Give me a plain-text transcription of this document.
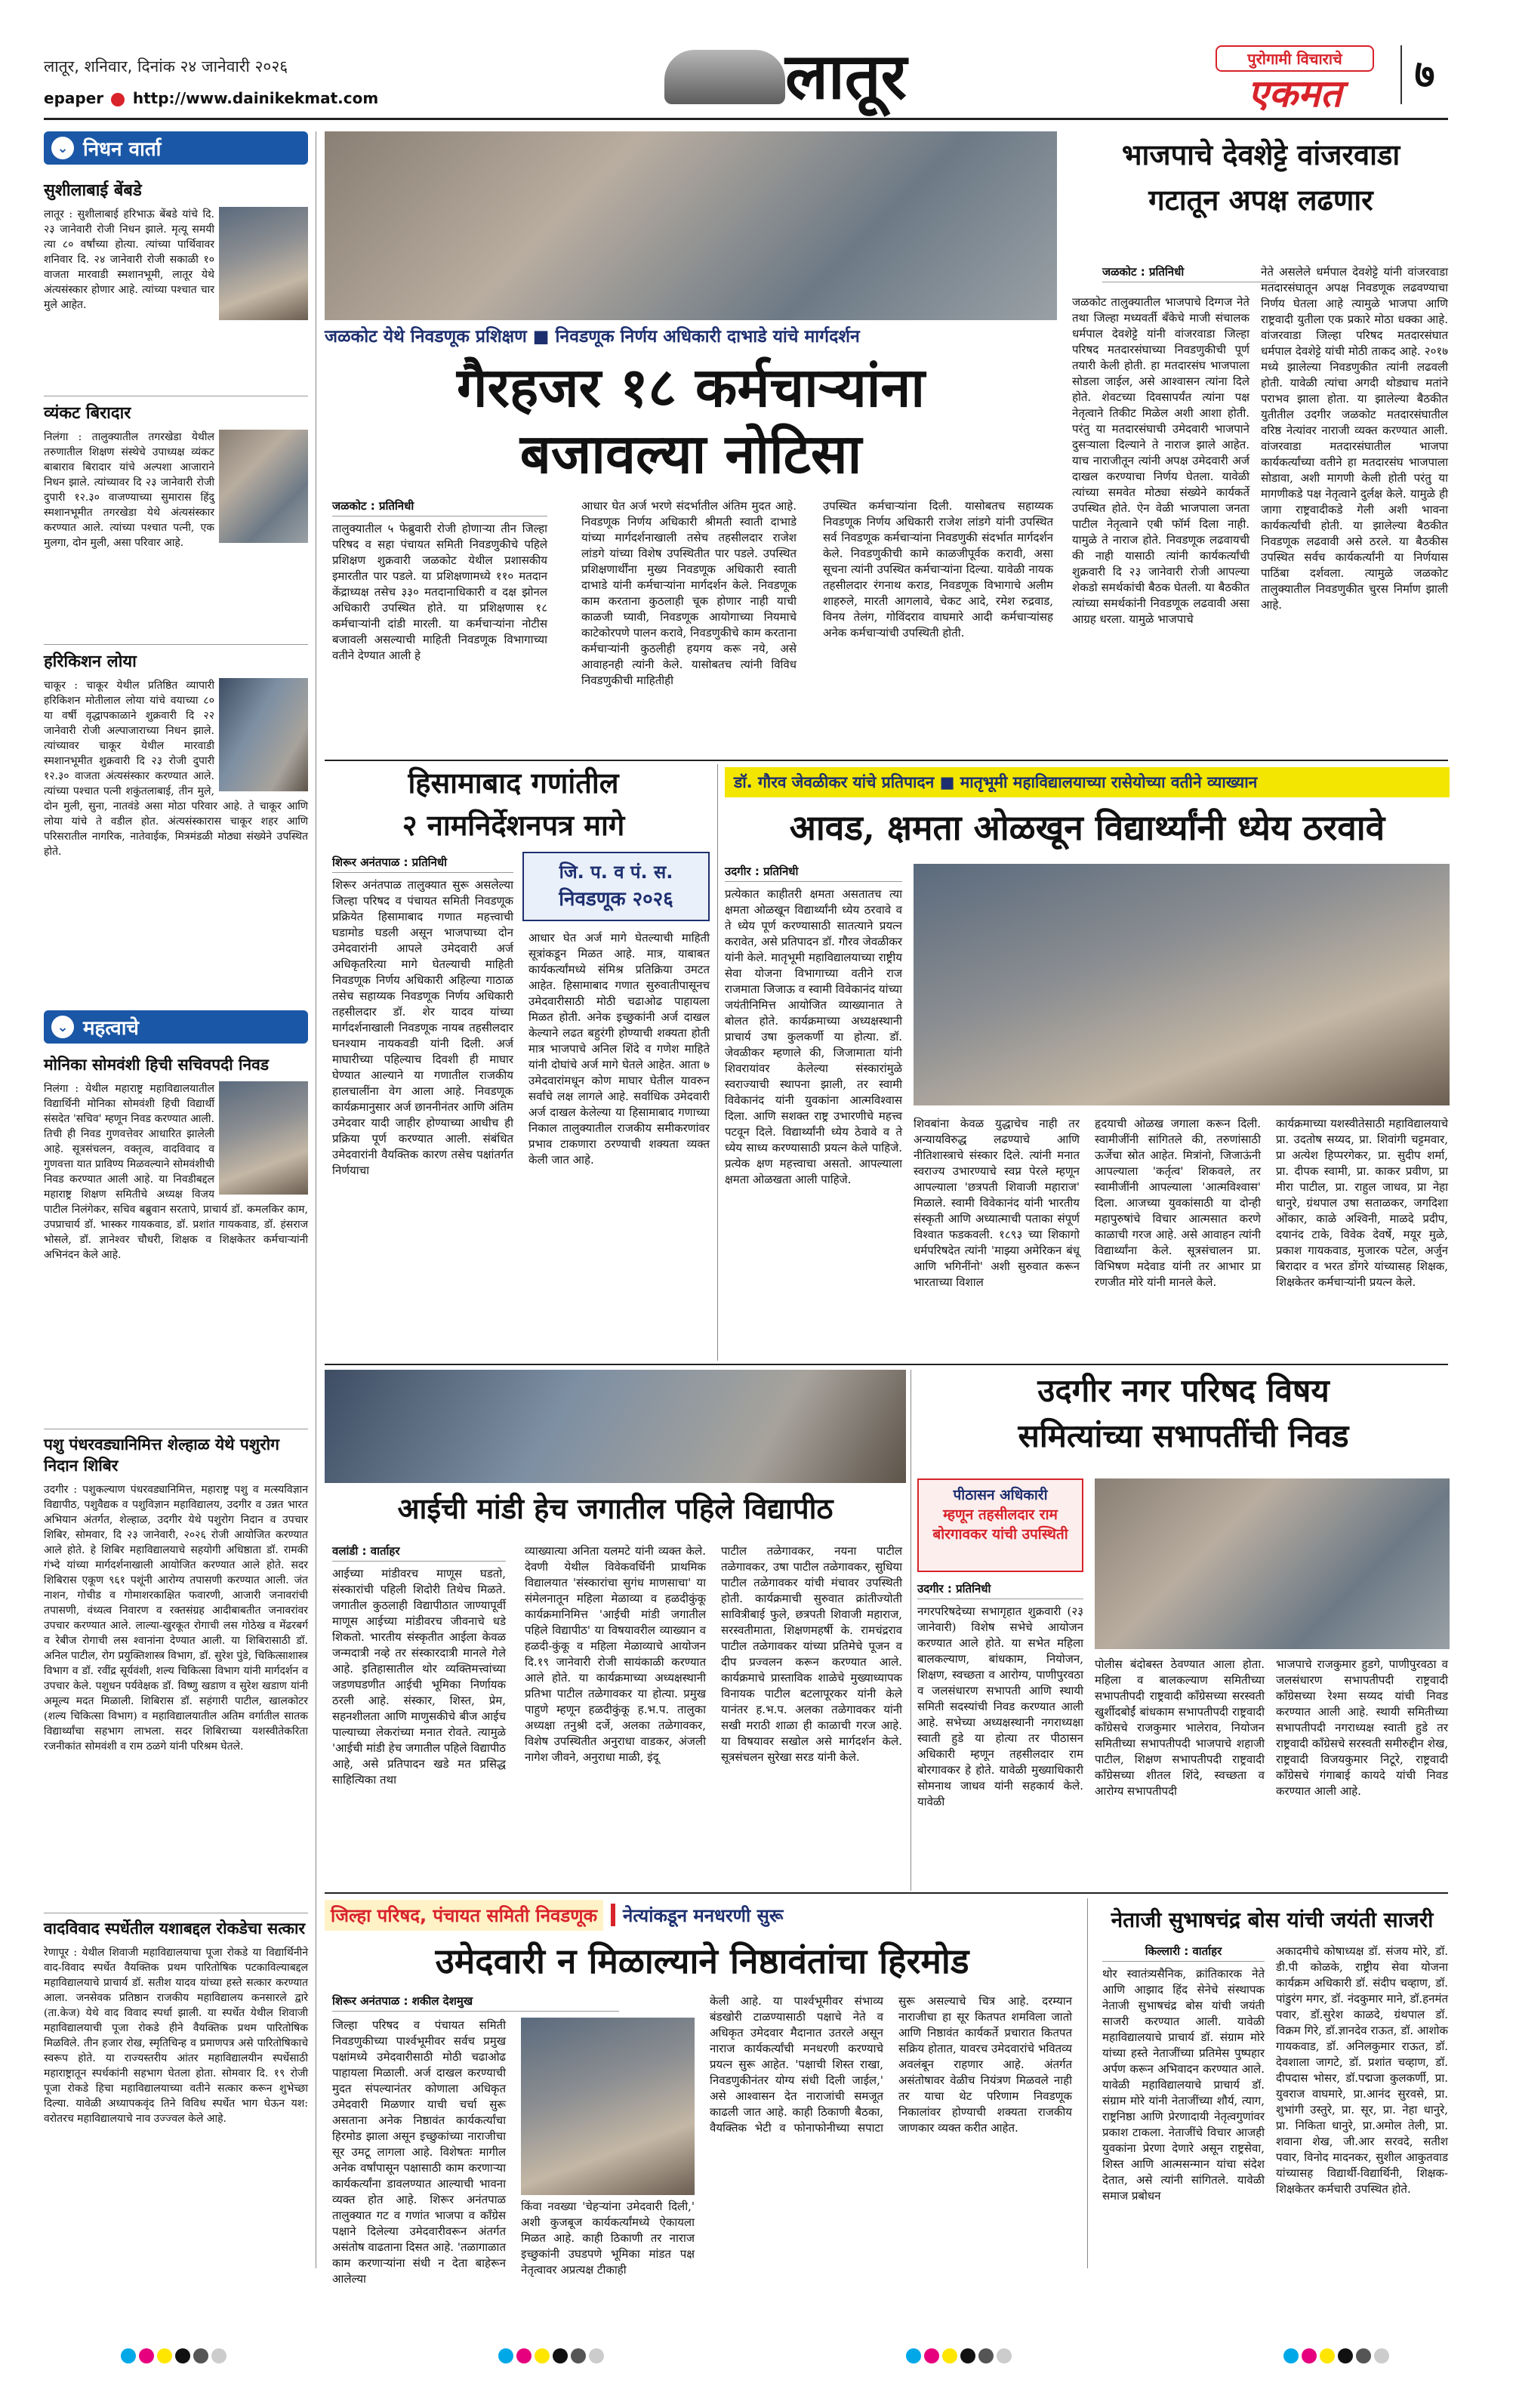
लातूर, शनिवार, दिनांक २४ जानेवारी २०२६
epaper http://www.dainikekmat.com	लातूर	पुरोगामी विचाराचे
एकमत	७
⌄ निधन वार्ता
सुशीलाबाई बेंबडे
लातूर : सुशीलाबाई हरिभाऊ बेंबडे यांचे दि. २३ जानेवारी रोजी निधन झाले. मृत्यू समयी त्या ८० वर्षांच्या होत्या. त्यांच्या पार्थिवावर शनिवार दि. २४ जानेवारी रोजी सकाळी १० वाजता मारवाडी स्मशानभूमी, लातूर येथे अंत्यसंस्कार होणार आहे. त्यांच्या पश्चात चार मुले आहेत.
व्यंकट बिरादार
निलंगा : तालुक्यातील तगरखेडा येथील तरुणातील शिक्षण संस्थेचे उपाध्यक्ष व्यंकट बाबाराव बिरादार यांचे अल्पशा आजाराने निधन झाले. त्यांच्यावर दि २३ जानेवारी रोजी दुपारी १२.३० वाजण्याच्या सुमारास हिंदु स्मशानभूमीत तगरखेडा येथे अंत्यसंस्कार करण्यात आले. त्यांच्या पश्चात पत्नी, एक मुलगा, दोन मुली, असा परिवार आहे.
हरिकिशन लोया
चाकूर : चाकूर येथील प्रतिष्ठित व्यापारी हरिकिशन मोतीलाल लोया यांचे वयाच्या ८० या वर्षी वृद्धापकाळाने शुक्रवारी दि २२ जानेवारी रोजी अल्पाजाराच्या निधन झाले. त्यांच्यावर चाकूर येथील मारवाडी स्मशानभूमीत शुक्रवारी दि २३ रोजी दुपारी १२.३० वाजता अंत्यसंस्कार करण्यात आले. त्यांच्या पश्चात पत्नी शकुंतलाबाई, तीन मुले, दोन मुली, सुना, नातवंडे असा मोठा परिवार आहे. ते चाकूर आणि लोया यांचे ते वडील होत. अंत्यसंस्कारास चाकूर शहर आणि परिसरातील नागरिक, नातेवाईक, मित्रमंडळी मोठ्या संख्येने उपस्थित होते.
⌄ महत्वाचे
मोनिका सोमवंशी हिची सचिवपदी निवड
निलंगा : येथील महाराष्ट्र महाविद्यालयातील विद्यार्थिनी मोनिका सोमवंशी हिची विद्यार्थी संसदेत 'सचिव' म्हणून निवड करण्यात आली. तिची ही निवड गुणवत्तेवर आधारित झालेली आहे. सूत्रसंचलन, वक्तृत्व, वादविवाद व गुणवत्ता यात प्राविण्य मिळवल्याने सोमवंशीची निवड करण्यात आली आहे. या निवडीबद्दल महाराष्ट्र शिक्षण समितीचे अध्यक्ष विजय पाटील निलंगेकर, सचिव बब्रुवान सरतापे, प्राचार्य डॉ. कमलकिर काम, उपप्राचार्य डॉ. भास्कर गायकवाड, डॉ. प्रशांत गायकवाड, डॉ. हंसराज भोसले, डॉ. ज्ञानेश्वर चौधरी, शिक्षक व शिक्षकेतर कर्मचाऱ्यांनी अभिनंदन केले आहे.
पशु पंधरवड्यानिमित्त शेल्हाळ येथे पशुरोग निदान शिबिर
उदगीर : पशुकल्याण पंधरवड्यानिमित्त, महाराष्ट्र पशु व मत्स्यविज्ञान विद्यापीठ, पशुवैद्यक व पशुविज्ञान महाविद्यालय, उदगीर व उन्नत भारत अभियान अंतर्गत, शेल्हाळ, उदगीर येथे पशुरोग निदान व उपचार शिबिर, सोमवार, दि २३ जानेवारी, २०२६ रोजी आयोजित करण्यात आले होते. हे शिबिर महाविद्यालयाचे सहयोगी अधिष्ठाता डॉ. रामकी गंभ्दे यांच्या मार्गदर्शनाखाली आयोजित करण्यात आले होते. सदर शिबिरास एकूण ९६१ पशूंनी आरोग्य तपासणी करण्यात आली. जंत नाशन, गोचीड व गोमाशरकाक्षित फवारणी, आजारी जनावरांची तपासणी, वंध्यत्व निवारण व रक्तसंग्रह आदीबाबतीत जनावरांवर उपचार करण्यात आले. लाल्या-खुरकूत रोगाची लस गोठेख व मेंढरबर्ग व रेबीज रोगाची लस श्वानांना देण्यात आली. या शिबिरासाठी डॉ. अनिल पाटील, रोग प्रयुक्तिशास्त्र विभाग, डॉ. सुरेश पुंडे, चिकित्साशास्त्र विभाग व डॉ. रवींद्र सूर्यवंशी, शल्य चिकित्सा विभाग यांनी मार्गदर्शन व उपचार केले. पशुधन पर्यवेक्षक डॉ. विष्णु खडाण व सुरेश खडाण यांनी अमूल्य मदत मिळाली. शिबिरास डॉ. सहंगारी पाटील, खालकोटर (शल्य चिकित्सा विभाग) व महाविद्यालयातील अतिम वर्गातील सातक विद्यार्थ्यांचा सहभाग लाभला. सदर शिबिराच्या यशस्वीतेकरिता रजनीकांत सोमवंशी व राम ठळगे यांनी परिश्रम घेतले.
वादविवाद स्पर्धेतील यशाबद्दल रोकडेचा सत्कार
रेणापूर : येथील शिवाजी महाविद्यालयाचा पूजा रोकडे या विद्यार्थिनीने वाद-विवाद स्पर्धेत वैयक्तिक प्रथम पारितोषिक पटकाविल्याबद्दल महाविद्यालयाचे प्राचार्य डॉ. सतीश यादव यांच्या हस्ते सत्कार करण्यात आला. जनसेवक प्रतिष्ठान राजकीय महाविद्यालय कनसारले द्वारे (ता.केज) येथे वाद विवाद स्पर्धा झाली. या स्पर्धेत येथील शिवाजी महाविद्यालयाची पूजा रोकडे हीने वैयक्तिक प्रथम पारितोषिक मिळविले. तीन हजार रोख, स्मृतिचिन्ह व प्रमाणपत्र असे पारितोषिकाचे स्वरूप होते. या राज्यस्तरीय आंतर महाविद्यालयीन स्पर्धेसाठी महाराष्ट्रातून स्पर्धकांनी सहभाग घेतला होता. सोमवार दि. १९ रोजी पूजा रोकडे हिचा महाविद्यालयाच्या वतीने सत्कार करून शुभेच्छा दिल्या. यावेळी अध्यापकवृंद तिने विविध स्पर्धेत भाग घेऊन यश: वरोतरच महाविद्यालयाचे नाव उज्ज्वल केले आहे.
जळकोट येथे निवडणूक प्रशिक्षण ■ निवडणूक निर्णय अधिकारी दाभाडे यांचे मार्गदर्शन
गैरहजर १८ कर्मचाऱ्यांना
बजावल्या नोटिसा
जळकोट : प्रतिनिधी
तालुक्यातील ५ फेब्रुवारी रोजी होणाऱ्या तीन जिल्हा परिषद व सहा पंचायत समिती निवडणुकीचे पहिले प्रशिक्षण शुक्रवारी जळकोट येथील प्रशासकीय इमारतीत पार पडले. या प्रशिक्षणामध्ये ११० मतदान केंद्राध्यक्ष तसेच ३३० मतदानाधिकारी व दक्ष झोनल अधिकारी उपस्थित होते. या प्रशिक्षणास १८ कर्मचाऱ्यांनी दांडी मारली. या कर्मचाऱ्यांना नोटीस बजावली असल्याची माहिती निवडणूक विभागाच्या वतीने देण्यात आली हे
आधार घेत अर्ज भरणे संदर्भातील अंतिम मुदत आहे. निवडणूक निर्णय अधिकारी श्रीमती स्वाती दाभाडे यांच्या मार्गदर्शनाखाली तसेच तहसीलदार राजेश लांडगे यांच्या विशेष उपस्थितीत पार पडले. उपस्थित प्रशिक्षणार्थींना मुख्य निवडणूक अधिकारी स्वाती दाभाडे यांनी कर्मचाऱ्यांना मार्गदर्शन केले. निवडणूक काम करताना कुठलाही चूक होणार नाही याची काळजी घ्यावी, निवडणूक आयोगाच्या नियमाचे काटेकोरपणे पालन करावे, निवडणुकीचे काम करताना कर्मचाऱ्यांनी कुठलीही हयगय करू नये, असे आवाहनही त्यांनी केले. यासोबतच त्यांनी विविध निवडणुकीची माहितीही
उपस्थित कर्मचाऱ्यांना दिली. यासोबतच सहाय्यक निवडणूक निर्णय अधिकारी राजेश लांडगे यांनी उपस्थित सर्व निवडणूक कर्मचाऱ्यांना निवडणुकी संदर्भात मार्गदर्शन केले. निवडणुकीची कामे काळजीपूर्वक करावी, असा सूचना त्यांनी उपस्थित कर्मचाऱ्यांना दिल्या. यावेळी नायक तहसीलदार रंगनाथ कराड, निवडणूक विभागाचे अलीम शाहरुले, मारती आगलावे, चेकट आदे, रमेश रुद्रवाड, विनय तेलंग, गोविंदराव वाघमारे आदी कर्मचाऱ्यांसह अनेक कर्मचाऱ्यांची उपस्थिती होती.
भाजपाचे देवशेट्टे वांजरवाडा
गटातून अपक्ष लढणार
जळकोट : प्रतिनिधी
जळकोट तालुक्यातील भाजपाचे दिग्गज नेते तथा जिल्हा मध्यवर्ती बँकेचे माजी संचालक धर्मपाल देवशेट्टे यांनी वांजरवाडा जिल्हा परिषद मतदारसंघाच्या निवडणुकीची पूर्ण तयारी केली होती. हा मतदारसंघ भाजपाला सोडला जाईल, असे आश्वासन त्यांना दिले होते. शेवटच्या दिवसापर्यंत त्यांना पक्ष नेतृत्वाने तिकीट मिळेल अशी आशा होती. परंतु या मतदारसंघाची उमेदवारी भाजपाने दुसऱ्याला दिल्याने ते नाराज झाले आहेत. याच नाराजीतून त्यांनी अपक्ष उमेदवारी अर्ज दाखल करण्याचा निर्णय घेतला. यावेळी त्यांच्या समवेत मोठ्या संख्येने कार्यकर्ते उपस्थित होते. ऐन वेळी भाजपाला जनता पाटील नेतृत्वाने एबी फॉर्म दिला नाही. यामुळे ते नाराज होते. निवडणूक लढवायची की नाही यासाठी त्यांनी कार्यकर्त्यांची शुक्रवारी दि २३ जानेवारी रोजी आपल्या शेकडो समर्थकांची बैठक घेतली. या बैठकीत त्यांच्या समर्थकांनी निवडणूक लढवावी असा आग्रह धरला. यामुळे भाजपाचे
नेते असलेले धर्मपाल देवशेट्टे यांनी वांजरवाडा मतदारसंघातून अपक्ष निवडणूक लढवण्याचा निर्णय घेतला आहे त्यामुळे भाजपा आणि राष्ट्रवादी युतीला एक प्रकारे मोठा धक्का आहे. वांजरवाडा जिल्हा परिषद मतदारसंघात धर्मपाल देवशेट्टे यांची मोठी ताकद आहे. २०१७ मध्ये झालेल्या निवडणुकीत त्यांनी लढवली होती. यावेळी त्यांचा अगदी थोड्याच मतांने पराभव झाला होता. या झालेल्या बैठकीत युतीतील उदगीर जळकोट मतदारसंघातील वरिष्ठ नेत्यांवर नाराजी व्यक्त करण्यात आली. वांजरवाडा मतदारसंघातील भाजपा कार्यकर्त्यांच्या वतीने हा मतदारसंघ भाजपाला सोडावा, अशी मागणी केली होती परंतु या मागणीकडे पक्ष नेतृत्वाने दुर्लक्ष केले. यामुळे ही जागा राष्ट्रवादीकडे गेली अशी भावना कार्यकर्त्यांची होती. या झालेल्या बैठकीत निवडणूक लढवावी असे ठरले. या बैठकीस उपस्थित सर्वच कार्यकर्त्यांनी या निर्णयास पाठिंबा दर्शवला. त्यामुळे जळकोट तालुक्यातील निवडणुकीत चुरस निर्माण झाली आहे.
हिसामाबाद गणांतील
२ नामनिर्देशनपत्र मागे
शिरूर अनंतपाळ : प्रतिनिधी	जि. प. व पं. स.
निवडणूक २०२६
शिरूर अनंतपाळ तालुक्यात सुरू असलेल्या जिल्हा परिषद व पंचायत समिती निवडणूक प्रक्रियेत हिसामाबाद गणात महत्त्वाची घडामोड घडली असून भाजपाच्या दोन उमेदवारांनी आपले उमेदवारी अर्ज अधिकृतरित्या मागे घेतल्याची माहिती निवडणूक निर्णय अधिकारी अहिल्या गाठाळ तसेच सहाय्यक निवडणूक निर्णय अधिकारी तहसीलदार डॉ. शेर यादव यांच्या मार्गदर्शनाखाली निवडणूक नायब तहसीलदार घनश्याम नायकवडी यांनी दिली. अर्ज माघारीच्या पहिल्याच दिवशी ही माघार घेण्यात आल्याने या गणातील राजकीय हालचालींना वेग आला आहे. निवडणूक कार्यक्रमानुसार अर्ज छाननीनंतर आणि अंतिम उमेदवार यादी जाहीर होण्याच्या आधीच ही प्रक्रिया पूर्ण करण्यात आली. संबंधित उमेदवारांनी वैयक्तिक कारण तसेच पक्षांतर्गत निर्णयाचा
आधार घेत अर्ज मागे घेतल्याची माहिती सूत्रांकडून मिळत आहे. मात्र, याबाबत कार्यकर्त्यांमध्ये संमिश्र प्रतिक्रिया उमटत आहेत. हिसामाबाद गणात सुरुवातीपासूनच उमेदवारीसाठी मोठी चढाओढ पाहायला मिळत होती. अनेक इच्छुकांनी अर्ज दाखल केल्याने लढत बहुरंगी होण्याची शक्यता होती मात्र भाजपाचे अनिल शिंदे व गणेश माहिते यांनी दोघांचे अर्ज मागे घेतले आहेत. आता ७ उमेदवारांमधून कोण माघार घेतील यावरुन सर्वांचे लक्ष लागले आहे. सर्वाधिक उमेदवारी अर्ज दाखल केलेल्या या हिसामाबाद गणाच्या निकाल तालुक्यातील राजकीय समीकरणांवर प्रभाव टाकणारा ठरण्याची शक्यता व्यक्त केली जात आहे.
डॉ. गौरव जेवळीकर यांचे प्रतिपादन ■ मातृभूमी महाविद्यालयाच्या रासेयोच्या वतीने व्याख्यान
आवड, क्षमता ओळखून विद्यार्थ्यांनी ध्येय ठरवावे
उदगीर : प्रतिनिधी
प्रत्येकात काहीतरी क्षमता असतातच त्या क्षमता ओळखून विद्यार्थ्यांनी ध्येय ठरवावे व ते ध्येय पूर्ण करण्यासाठी सातत्याने प्रयत्न करावेत, असे प्रतिपादन डॉ. गौरव जेवळीकर यांनी केले. मातृभूमी महाविद्यालयाच्या राष्ट्रीय सेवा योजना विभागाच्या वतीने राज राजमाता जिजाऊ व स्वामी विवेकानंद यांच्या जयंतीनिमित्त आयोजित व्याख्यानात ते बोलत होते. कार्यक्रमाच्या अध्यक्षस्थानी प्राचार्य उषा कुलकर्णी या होत्या. डॉ. जेवळीकर म्हणाले की, जिजामाता यांनी शिवरायांवर केलेल्या संस्कारांमुळे स्वराज्याची स्थापना झाली, तर स्वामी विवेकानंद यांनी युवकांना आत्मविश्वास दिला. आणि सशक्त राष्ट्र उभारणीचे महत्त्व पटवून दिले. विद्यार्थ्यांनी ध्येय ठेवावे व ते ध्येय साध्य करण्यासाठी प्रयत्न केले पाहिजे. प्रत्येक क्षण महत्त्वाचा असतो. आपल्याला क्षमता ओळखता आली पाहिजे.
शिवबांना केवळ युद्धाचेच नाही तर अन्यायविरुद्ध लढण्याचे आणि नीतिशास्त्राचे संस्कार दिले. त्यांनी मनात स्वराज्य उभारण्याचे स्वप्न पेरले म्हणून आपल्याला 'छत्रपती शिवाजी महाराज' मिळाले. स्वामी विवेकानंद यांनी भारतीय संस्कृती आणि अध्यात्माची पताका संपूर्ण विश्वात फडकवली. १८९३ च्या शिकागो धर्मपरिषदेत त्यांनी 'माझ्या अमेरिकन बंधू आणि भगिनींनो' अशी सुरुवात करून भारताच्या विशाल
हृदयाची ओळख जगाला करून दिली. स्वामीजींनी सांगितले की, तरुणांसाठी ऊर्जेचा स्रोत आहेत. मित्रांनो, जिजाऊंनी आपल्याला 'कर्तृत्व' शिकवले, तर स्वामीजींनी आपल्याला 'आत्मविश्वास' दिला. आजच्या युवकांसाठी या दोन्ही महापुरुषांचे विचार आत्मसात करणे काळाची गरज आहे. असे आवाहन त्यांनी विद्यार्थ्यांना केले. सूत्रसंचालन प्रा. विभिषण मदेवाड यांनी तर आभार प्रा रणजीत मोरे यांनी मानले केले.
कार्यक्रमाच्या यशस्वीतेसाठी महाविद्यालयाचे प्रा. उदतोष सय्यद, प्रा. शिवांगी चट्टमवार, प्रा अत्येश हिप्परगेकर, प्रा. सुदीप शर्मा, प्रा. दीपक स्वामी, प्रा. काकर प्रवीण, प्रा मीरा पाटील, प्रा. राहुल जाधव, प्रा नेहा धानुरे, ग्रंथपाल उषा सताळकर, जगदिशा ओंकार, काळे अश्विनी, माळदे प्रदीप, दयानंद टाके, विवेक देवर्षे, मयूर मुळे, प्रकाश गायकवाड, मुजारक पटेल, अर्जुन बिरादार व भरत डोंगरे यांच्यासह शिक्षक, शिक्षकेतर कर्मचाऱ्यांनी प्रयत्न केले.
आईची मांडी हेच जगातील पहिले विद्यापीठ
वलांडी : वार्ताहर
आईच्या मांडीवरच माणूस घडतो, संस्कारांची पहिली शिदोरी तिथेच मिळते. जगातील कुठलाही विद्यापीठात जाण्यापूर्वी माणूस आईच्या मांडीवरच जीवनाचे धडे शिकतो. भारतीय संस्कृतीत आईला केवळ जन्मदात्री नव्हे तर संस्कारदात्री मानले गेले आहे. इतिहासातील थोर व्यक्तिमत्त्वांच्या जडणघडणीत आईची भूमिका निर्णायक ठरली आहे. संस्कार, शिस्त, प्रेम, सहनशीलता आणि माणुसकीचे बीज आईच पाल्याच्या लेकरांच्या मनात रोवते. त्यामुळे 'आईची मांडी हेच जगातील पहिले विद्यापीठ आहे, असे प्रतिपादन खडे मत प्रसिद्ध साहित्यिका तथा
व्याख्यात्या अनिता यलमटे यांनी व्यक्त केले. देवणी येथील विवेकवर्धिनी प्राथमिक विद्यालयात 'संस्कारांचा सुगंध माणसाचा' या संमेलनातून महिला मेळाव्या व हळदीकुंकू कार्यक्रमानिमित्त 'आईची मांडी जगातील पहिले विद्यापीठ' या विषयावरील व्याख्यान व हळदी-कुंकू व महिला मेळाव्याचे आयोजन दि.१९ जानेवारी रोजी सायंकाळी करण्यात आले होते. या कार्यक्रमाच्या अध्यक्षस्थानी प्रतिभा पाटील तळेगावकर या होत्या. प्रमुख पाहुणे म्हणून हळदीकुंकू ह.भ.प. तालुका अध्यक्षा तनुश्री दर्जे, अलका तळेगावकर, विशेष उपस्थितीत अनुराधा वाडकर, अंजली नागेश जीवने, अनुराधा माळी, इंदू
पाटील तळेगावकर, नयना पाटील तळेगावकर, उषा पाटील तळेगावकर, सुधिया पाटील तळेगावकर यांची मंचावर उपस्थिती होती. कार्यक्रमाची सुरुवात क्रांतीज्योती सावित्रीबाई फुले, छत्रपती शिवाजी महाराज, सरस्वतीमाता, शिक्षणमहर्षी के. रामचंद्रराव पाटील तळेगावकर यांच्या प्रतिमेचे पूजन व दीप प्रज्वलन करून करण्यात आले. कार्यक्रमाचे प्रास्ताविक शाळेचे मुख्याध्यापक विनायक पाटील बटलापूरकर यांनी केले यानंतर ह.भ.प. अलका तळेगावकर यांनी सखी मराठी शाळा ही काळाची गरज आहे. या विषयावर सखोल असे मार्गदर्शन केले. सूत्रसंचलन सुरेखा सरड यांनी केले.
उदगीर नगर परिषद विषय
समित्यांच्या सभापतींची निवड
पीठासन अधिकारी
म्हणून तहसीलदार राम
बोरगावकर यांची उपस्थिती
उदगीर : प्रतिनिधी
नगरपरिषदेच्या सभागृहात शुक्रवारी (२३ जानेवारी) विशेष सभेचे आयोजन करण्यात आले होते. या सभेत महिला बालकल्याण, बांधकाम, नियोजन, शिक्षण, स्वच्छता व आरोग्य, पाणीपुरवठा व जलसंधारण सभापती आणि स्थायी समिती सदस्यांची निवड करण्यात आली आहे. सभेच्या अध्यक्षस्थानी नगराध्यक्षा स्वाती हुडे या होत्या तर पीठासन अधिकारी म्हणून तहसीलदार राम बोरगावकर हे होते. यावेळी मुख्याधिकारी सोमनाथ जाधव यांनी सहकार्य केले. यावेळी
पोलीस बंदोबस्त ठेवण्यात आला होता. महिला व बालकल्याण समितीच्या सभापतीपदी राष्ट्रवादी काँग्रेसच्या सरस्वती खुर्शीदबोईं बांधकाम सभापतीपदी राष्ट्रवादी काँग्रेसचे राजकुमार भालेराव, नियोजन समितीच्या सभापतीपदी भाजपाचे शहाजी पाटील, शिक्षण सभापतीपदी राष्ट्रवादी काँग्रेसच्या शीतल शिंदे, स्वच्छता व आरोग्य सभापतीपदी
भाजपाचे राजकुमार हुडगे, पाणीपुरवठा व जलसंधारण सभापतीपदी राष्ट्रवादी काँग्रेसच्या रेश्मा सय्यद यांची निवड करण्यात आली आहे. स्थायी समितीच्या सभापतीपदी नगराध्यक्ष स्वाती हुडे तर राष्ट्रवादी काँग्रेसचे सरस्वती समीरुद्दीन शेख, राष्ट्रवादी विजयकुमार निटूरे, राष्ट्रवादी काँग्रेसचे गंगाबाई कायदे यांची निवड करण्यात आली आहे.
जिल्हा परिषद, पंचायत समिती निवडणूक	नेत्यांकडून मनधरणी सुरू
उमेदवारी न मिळाल्याने निष्ठावंतांचा हिरमोड
शिरूर अनंतपाळ : शकील देशमुख
जिल्हा परिषद व पंचायत समिती निवडणुकीच्या पार्श्वभूमीवर सर्वच प्रमुख पक्षांमध्ये उमेदवारीसाठी मोठी चढाओढ पाहायला मिळाली. अर्ज दाखल करण्याची मुदत संपल्यानंतर कोणाला अधिकृत उमेदवारी मिळणार याची चर्चा सुरू असताना अनेक निष्ठावंत कार्यकर्त्यांचा हिरमोड झाला असून इच्छुकांच्या नाराजीचा सूर उमटू लागला आहे. विशेषतः मागील अनेक वर्षांपासून पक्षासाठी काम करणाऱ्या कार्यकर्त्यांना डावलण्यात आल्याची भावना व्यक्त होत आहे. शिरूर अनंतपाळ तालुक्यात गट व गणांत भाजपा व काँग्रेस पक्षाने दिलेल्या उमेदवारीवरून अंतर्गत असंतोष वाढताना दिसत आहे. 'तळागाळात काम करणाऱ्यांना संधी न देता बाहेरून आलेल्या
किंवा नवख्या 'चेहऱ्यांना उमेदवारी दिली,' अशी कुजबूज कार्यकर्त्यांमध्ये ऐकायला मिळत आहे. काही ठिकाणी तर नाराज इच्छुकांनी उघडपणे भूमिका मांडत पक्ष नेतृत्वावर अप्रत्यक्ष टीकाही
केली आहे. या पार्श्वभूमीवर संभाव्य बंडखोरी टाळण्यासाठी पक्षाचे नेते व अधिकृत उमेदवार मैदानात उतरले असून नाराज कार्यकर्त्यांची मनधरणी करण्याचे प्रयत्न सुरू आहेत. 'पक्षाची शिस्त राखा, निवडणुकीनंतर योग्य संधी दिली जाईल,' असे आश्वासन देत नाराजांची समजूत काढली जात आहे. काही ठिकाणी बैठका, वैयक्तिक भेटी व फोनाफोनीच्या सपाटा सुरू असल्याचे चित्र आहे. दरम्यान नाराजीचा हा सूर कितपत शमविला जातो आणि निष्ठावंत कार्यकर्ते प्रचारात कितपत सक्रिय होतात, यावरच उमेदवारांचे भवितव्य अवलंबून राहणार आहे. अंतर्गत असंतोषावर वेळीच नियंत्रण मिळवले नाही तर याचा थेट परिणाम निवडणूक निकालांवर होण्याची शक्यता राजकीय जाणकार व्यक्त करीत आहेत.
नेताजी सुभाषचंद्र बोस यांची जयंती साजरी
किल्लारी : वार्ताहर
थोर स्वातंत्र्यसैनिक, क्रांतिकारक नेते आणि आझाद हिंद सेनेचे संस्थापक नेताजी सुभाषचंद्र बोस यांची जयंती साजरी करण्यात आली. यावेळी महाविद्यालयाचे प्राचार्य डॉ. संग्राम मोरे यांच्या हस्ते नेताजींच्या प्रतिमेस पुष्पहार अर्पण करून अभिवादन करण्यात आले. यावेळी महाविद्यालयाचे प्राचार्य डॉ. संग्राम मोरे यांनी नेताजींच्या शौर्य, त्याग, राष्ट्रनिष्ठा आणि प्रेरणादायी नेतृत्वगुणांवर प्रकाश टाकला. नेताजींचे विचार आजही युवकांना प्रेरणा देणारे असून राष्ट्रसेवा, शिस्त आणि आत्मसन्मान यांचा संदेश देतात, असे त्यांनी सांगितले. यावेळी समाज प्रबोधन
अकादमीचे कोषाध्यक्ष डॉ. संजय मोरे, डॉ. डी.पी कोळके, राष्ट्रीय सेवा योजना कार्यक्रम अधिकारी डॉ. संदीप चव्हाण, डॉ. पांडुरंग मगर, डॉ. नंदकुमार माने, डॉ.हनमंत पवार, डॉ.सुरेश काळदे, ग्रंथपाल डॉ. विक्रम गिरे, डॉ.ज्ञानदेव राऊत, डॉ. आशोक गायकवाड, डॉ. अनिलकुमार राऊत, डॉ. देवशाला जागटे, डॉ. प्रशांत चव्हाण, डॉ. दीपदास भोसर, डॉ.पद्मजा कुलकर्णी, प्रा. युवराज वाघमारे, प्रा.आनंद सुरवसे, प्रा. शुभांगी उस्तुरे, प्रा. सूर, प्रा. नेहा धानुरे, प्रा. निकिता धानुरे, प्रा.अमोल तेली, प्रा. शवाना शेख, जी.आर सरवदे, सतीश पवार, विनोद मादनकर, सुशील आकुतवाड यांच्यासह विद्यार्थी-विद्यार्थिनी, शिक्षक- शिक्षकेतर कर्मचारी उपस्थित होते.
